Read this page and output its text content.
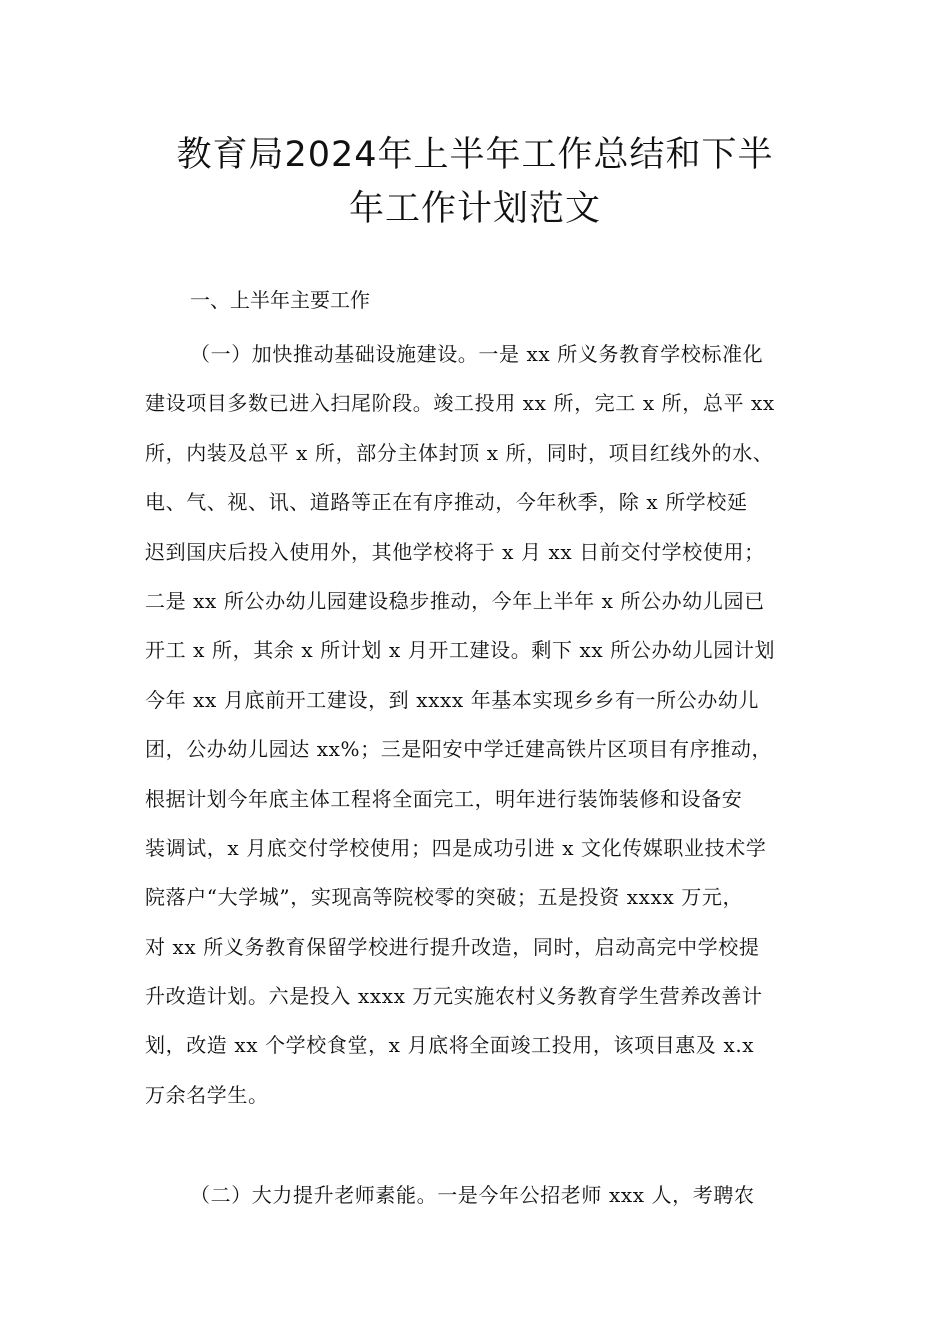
教育局2024年上半年工作总结和下半
年工作计划范文
一、上半年主要工作
（一）加快推动基础设施建设。一是 xx 所义务教育学校标准化
建设项目多数已进入扫尾阶段。竣工投用 xx 所，完工 x 所，总平 xx
所，内装及总平 x 所，部分主体封顶 x 所，同时，项目红线外的水、
电、气、视、讯、道路等正在有序推动，今年秋季，除 x 所学校延
迟到国庆后投入使用外，其他学校将于 x 月 xx 日前交付学校使用；
二是 xx 所公办幼儿园建设稳步推动，今年上半年 x 所公办幼儿园已
开工 x 所，其余 x 所计划 x 月开工建设。剩下 xx 所公办幼儿园计划
今年 xx 月底前开工建设，到 xxxx 年基本实现乡乡有一所公办幼儿
团，公办幼儿园达 xx%；三是阳安中学迁建高铁片区项目有序推动，
根据计划今年底主体工程将全面完工，明年进行装饰装修和设备安
装调试，x 月底交付学校使用；四是成功引进 x 文化传媒职业技术学
院落户“大学城”，实现高等院校零的突破；五是投资 xxxx 万元，
对 xx 所义务教育保留学校进行提升改造，同时，启动高完中学校提
升改造计划。六是投入 xxxx 万元实施农村义务教育学生营养改善计
划，改造 xx 个学校食堂，x 月底将全面竣工投用，该项目惠及 x.x
万余名学生。
（二）大力提升老师素能。一是今年公招老师 xxx 人，考聘农
